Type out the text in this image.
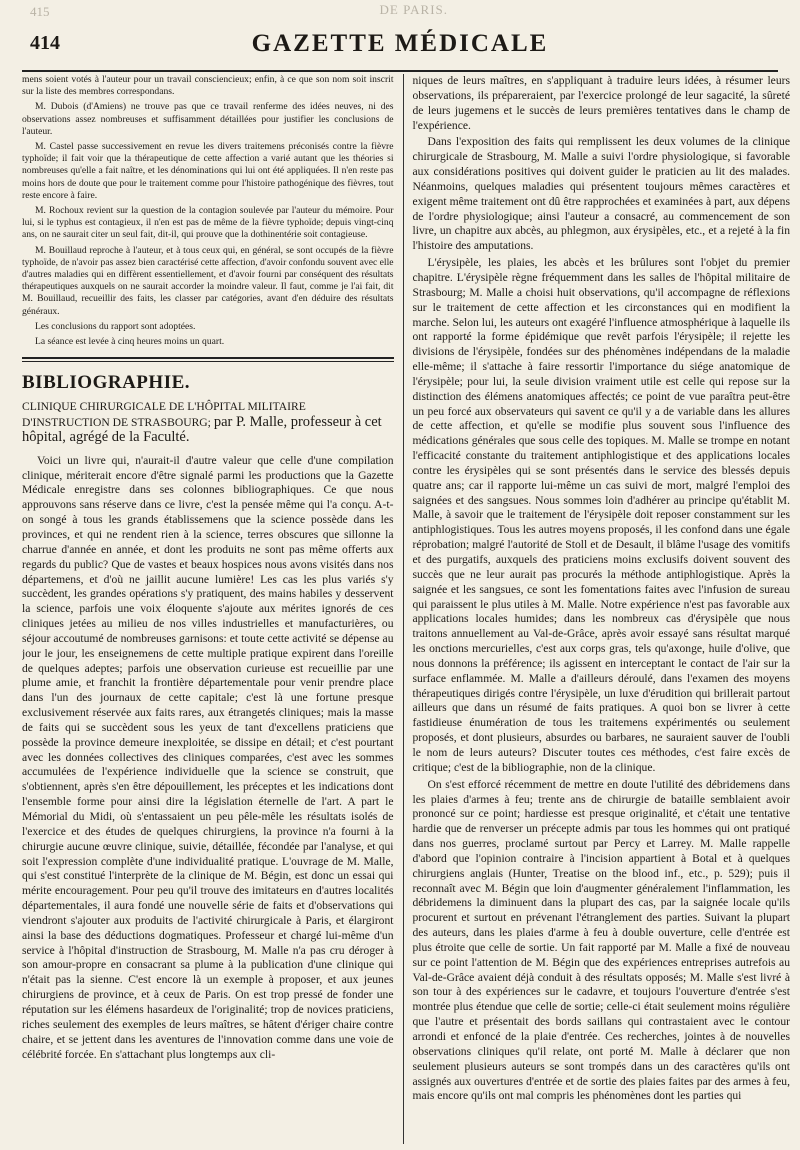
415	DE PARIS.
414	GAZETTE MÉDICALE

mens soient votés à l'auteur pour un travail consciencieux; enfin, à ce que son nom soit inscrit sur la liste des membres correspondans.

M. Dubois (d'Amiens) ne trouve pas que ce travail renferme des idées neuves, ni des observations assez nombreuses et suffisamment détaillées pour justifier les conclusions de l'auteur.

M. Castel passe successivement en revue les divers traitemens préconisés contre la fièvre typhoïde; il fait voir que la thérapeutique de cette affection a varié autant que les théories si nombreuses qu'elle a fait naître, et les dénominations qui lui ont été appliquées. Il n'en reste pas moins hors de doute que pour le traitement comme pour l'histoire pathogénique des fièvres, tout reste encore à faire.

M. Rochoux revient sur la question de la contagion soulevée par l'auteur du mémoire. Pour lui, si le typhus est contagieux, il n'en est pas de même de la fièvre typhoïde; depuis vingt-cinq ans, on ne saurait citer un seul fait, dit-il, qui prouve que la dothinentérie soit contagieuse.

M. Bouillaud reproche à l'auteur, et à tous ceux qui, en général, se sont occupés de la fièvre typhoïde, de n'avoir pas assez bien caractérisé cette affection, d'avoir confondu souvent avec elle d'autres maladies qui en diffèrent essentiellement, et d'avoir fourni par conséquent des résultats thérapeutiques auxquels on ne saurait accorder la moindre valeur. Il faut, comme je l'ai fait, dit M. Bouillaud, recueillir des faits, les classer par catégories, avant d'en déduire des résultats généraux.

Les conclusions du rapport sont adoptées.

La séance est levée à cinq heures moins un quart.

BIBLIOGRAPHIE.

CLINIQUE CHIRURGICALE DE L'HÔPITAL MILITAIRE D'INSTRUCTION DE STRASBOURG; par P. Malle, professeur à cet hôpital, agrégé de la Faculté.

Voici un livre qui, n'aurait-il d'autre valeur que celle d'une compilation clinique, mériterait encore d'être signalé parmi les productions que la Gazette Médicale enregistre dans ses colonnes bibliographiques. Ce que nous approuvons sans réserve dans ce livre, c'est la pensée même qui l'a conçu. A-t-on songé à tous les grands établissemens que la science possède dans les provinces, et qui ne rendent rien à la science, terres obscures que sillonne la charrue d'année en année, et dont les produits ne sont pas même offerts aux regards du public? Que de vastes et beaux hospices nous avons visités dans nos départemens, et d'où ne jaillit aucune lumière! Les cas les plus variés s'y succèdent, les grandes opérations s'y pratiquent, des mains habiles y desservent la science, parfois une voix éloquente s'ajoute aux mérites ignorés de ces cliniques jetées au milieu de nos villes industrielles et manufacturières, ou séjour accoutumé de nombreuses garnisons: et toute cette activité se dépense au jour le jour, les enseignemens de cette multiple pratique expirent dans l'oreille de quelques adeptes; parfois une observation curieuse est recueillie par une plume amie, et franchit la frontière départementale pour venir prendre place dans l'un des journaux de cette capitale; c'est là une fortune presque exclusivement réservée aux faits rares, aux étrangetés cliniques; mais la masse de faits qui se succèdent sous les yeux de tant d'excellens praticiens que possède la province demeure inexploitée, se dissipe en détail; et c'est pourtant avec les données collectives des cliniques comparées, c'est avec les sommes accumulées de l'expérience individuelle que la science se construit, que s'obtiennent, après s'en être dépouillement, les préceptes et les indications dont l'ensemble forme pour ainsi dire la législation éternelle de l'art. A part le Mémorial du Midi, où s'entassaient un peu pêle-mêle les résultats isolés de l'exercice et des études de quelques chirurgiens, la province n'a fourni à la chirurgie aucune œuvre clinique, suivie, détaillée, fécondée par l'analyse, et qui soit l'expression complète d'une individualité pratique. L'ouvrage de M. Malle, qui s'est constitué l'interprète de la clinique de M. Bégin, est donc un essai qui mérite encouragement. Pour peu qu'il trouve des imitateurs en d'autres localités départementales, il aura fondé une nouvelle série de faits et d'observations qui viendront s'ajouter aux produits de l'activité chirurgicale à Paris, et élargiront ainsi la base des déductions dogmatiques. Professeur et chargé lui-même d'un service à l'hôpital d'instruction de Strasbourg, M. Malle n'a pas cru déroger à son amour-propre en consacrant sa plume à la publication d'une clinique qui n'était pas la sienne. C'est encore là un exemple à proposer, et aux jeunes chirurgiens de province, et à ceux de Paris. On est trop pressé de fonder une réputation sur les élémens hasardeux de l'originalité; trop de novices praticiens, riches seulement des exemples de leurs maîtres, se hâtent d'ériger chaire contre chaire, et se jettent dans les aventures de l'innovation comme dans une voie de célébrité forcée. En s'attachant plus longtemps aux cli-

niques de leurs maîtres, en s'appliquant à traduire leurs idées, à résumer leurs observations, ils prépareraient, par l'exercice prolongé de leur sagacité, la sûreté de leurs jugemens et le succès de leurs premières tentatives dans le champ de l'expérience.

Dans l'exposition des faits qui remplissent les deux volumes de la clinique chirurgicale de Strasbourg, M. Malle a suivi l'ordre physiologique, si favorable aux considérations positives qui doivent guider le praticien au lit des malades. Néanmoins, quelques maladies qui présentent toujours mêmes caractères et exigent même traitement ont dû être rapprochées et examinées à part, aux dépens de l'ordre physiologique; ainsi l'auteur a consacré, au commencement de son livre, un chapitre aux abcès, au phlegmon, aux érysipèles, etc., et a rejeté à la fin l'histoire des amputations.

L'érysipèle, les plaies, les abcès et les brûlures sont l'objet du premier chapitre. L'érysipèle règne fréquemment dans les salles de l'hôpital militaire de Strasbourg; M. Malle a choisi huit observations, qu'il accompagne de réflexions sur le traitement de cette affection et les circonstances qui en modifient la marche. Selon lui, les auteurs ont exagéré l'influence atmosphérique à laquelle ils ont rapporté la forme épidémique que revêt parfois l'érysipèle; il rejette les divisions de l'érysipèle, fondées sur des phénomènes indépendans de la maladie elle-même; il s'attache à faire ressortir l'importance du siége anatomique de l'érysipèle; pour lui, la seule division vraiment utile est celle qui repose sur la distinction des élémens anatomiques affectés; ce point de vue paraîtra peut-être un peu forcé aux observateurs qui savent ce qu'il y a de variable dans les allures de cette affection, et qu'elle se modifie plus souvent sous l'influence des médications générales que sous celle des topiques. M. Malle se trompe en notant l'efficacité constante du traitement antiphlogistique et des applications locales contre les érysipèles qui se sont présentés dans le service des blessés depuis quatre ans; car il rapporte lui-même un cas suivi de mort, malgré l'emploi des saignées et des sangsues. Nous sommes loin d'adhérer au principe qu'établit M. Malle, à savoir que le traitement de l'érysipèle doit reposer constamment sur les antiphlogistiques. Tous les autres moyens proposés, il les confond dans une égale réprobation; malgré l'autorité de Stoll et de Desault, il blâme l'usage des vomitifs et des purgatifs, auxquels des praticiens moins exclusifs doivent souvent des succès que ne leur aurait pas procurés la méthode antiphlogistique. Après la saignée et les sangsues, ce sont les fomentations faites avec l'infusion de sureau qui paraissent le plus utiles à M. Malle. Notre expérience n'est pas favorable aux applications locales humides; dans les nombreux cas d'érysipèle que nous traitons annuellement au Val-de-Grâce, après avoir essayé sans résultat marqué les onctions mercurielles, c'est aux corps gras, tels qu'axonge, huile d'olive, que nous donnons la préférence; ils agissent en interceptant le contact de l'air sur la surface enflammée. M. Malle a d'ailleurs déroulé, dans l'examen des moyens thérapeutiques dirigés contre l'érysipèle, un luxe d'érudition qui brillerait partout ailleurs que dans un résumé de faits pratiques. A quoi bon se livrer à cette fastidieuse énumération de tous les traitemens expérimentés ou seulement proposés, et dont plusieurs, absurdes ou barbares, ne sauraient sauver de l'oubli le nom de leurs auteurs? Discuter toutes ces méthodes, c'est faire excès de critique; c'est de la bibliographie, non de la clinique.

On s'est efforcé récemment de mettre en doute l'utilité des débridemens dans les plaies d'armes à feu; trente ans de chirurgie de bataille semblaient avoir prononcé sur ce point; hardiesse est presque originalité, et c'était une tentative hardie que de renverser un précepte admis par tous les hommes qui ont pratiqué dans nos guerres, proclamé surtout par Percy et Larrey. M. Malle rappelle d'abord que l'opinion contraire à l'incision appartient à Botal et à quelques chirurgiens anglais (Hunter, Treatise on the blood inf., etc., p. 529); puis il reconnaît avec M. Bégin que loin d'augmenter généralement l'inflammation, les débridemens la diminuent dans la plupart des cas, par la saignée locale qu'ils procurent et surtout en prévenant l'étranglement des parties. Suivant la plupart des auteurs, dans les plaies d'arme à feu à double ouverture, celle d'entrée est plus étroite que celle de sortie. Un fait rapporté par M. Malle a fixé de nouveau sur ce point l'attention de M. Bégin que des expériences entreprises autrefois au Val-de-Grâce avaient déjà conduit à des résultats opposés; M. Malle s'est livré à son tour à des expériences sur le cadavre, et toujours l'ouverture d'entrée s'est montrée plus étendue que celle de sortie; celle-ci était seulement moins régulière que l'autre et présentait des bords saillans qui contrastaient avec le contour arrondi et enfoncé de la plaie d'entrée. Ces recherches, jointes à de nouvelles observations cliniques qu'il relate, ont porté M. Malle à déclarer que non seulement plusieurs auteurs se sont trompés dans un des caractères qu'ils ont assignés aux ouvertures d'entrée et de sortie des plaies faites par des armes à feu, mais encore qu'ils ont mal compris les phénomènes dont les parties qui
